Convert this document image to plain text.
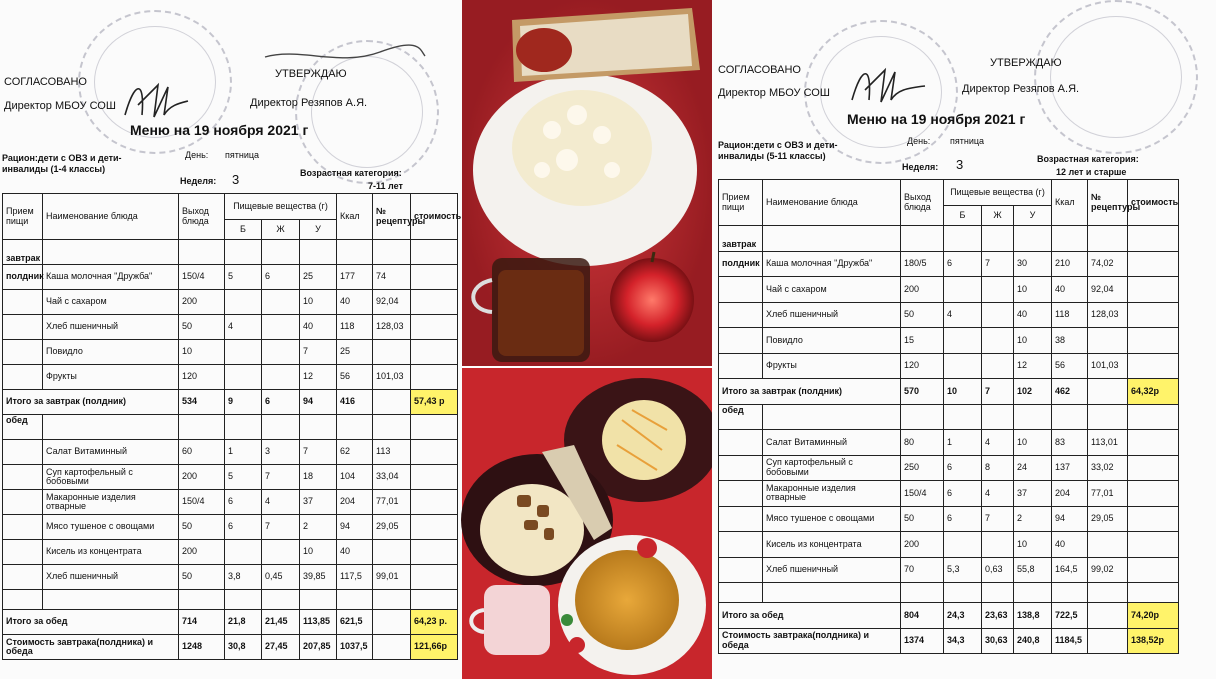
СОГЛАСОВАНО
УТВЕРЖДАЮ
Директор МБОУ СОШ	Директор Резяпов А.Я.
Меню на 19 ноября 2021 г
День: пятница
Рацион:дети с ОВЗ и дети-инвалиды (1-4 классы)
Неделя: 3	Возрастная категория:
7-11 лет
Прием пищи	Наименование блюда	Выход блюда	Пищевые вещества (г)			Ккал	№ рецептуры	стоимость
			Б	Ж	У			
завтрак								
полдник	Каша молочная "Дружба"	150/4	5	6	25	177	74	
	Чай с сахаром	200			10	40	92,04	
	Хлеб пшеничный	50	4		40	118	128,03	
	Повидло	10			7	25		
	Фрукты	120			12	56	101,03	
Итого за завтрак (полдник)		534	9	6	94	416		57,43 р
обед								
	Салат Витаминный	60	1	3	7	62	113	
	Суп картофельный с бобовыми	200	5	7	18	104	33,04	
	Макаронные изделия отварные	150/4	6	4	37	204	77,01	
	Мясо тушеное с овощами	50	6	7	2	94	29,05	
	Кисель из концентрата	200			10	40		
	Хлеб пшеничный	50	3,8	0,45	39,85	117,5	99,01	

Итого за обед		714	21,8	21,45	113,85	621,5		64,23 р.
Стоимость завтрака(полдника) и обеда		1248	30,8	27,45	207,85	1037,5		121,66р
СОГЛАСОВАНО
УТВЕРЖДАЮ
Директор МБОУ СОШ	Директор Резяпов А.Я.
Меню на 19 ноября 2021 г
День: пятница
Рацион:дети с ОВЗ и дети-инвалиды (5-11 классы)
Неделя: 3	Возрастная категория:
12 лет и старше
Прием пищи	Наименование блюда	Выход блюда	Пищевые вещества (г)			Ккал	№ рецептуры	стоимость
			Б	Ж	У			
завтрак								
полдник	Каша молочная "Дружба"	180/5	6	7	30	210	74,02	
	Чай с сахаром	200			10	40	92,04	
	Хлеб пшеничный	50	4		40	118	128,03	
	Повидло	15			10	38		
	Фрукты	120			12	56	101,03	
Итого за завтрак (полдник)		570	10	7	102	462		64,32р
обед								
	Салат Витаминный	80	1	4	10	83	113,01	
	Суп картофельный с бобовыми	250	6	8	24	137	33,02	
	Макаронные изделия отварные	150/4	6	4	37	204	77,01	
	Мясо тушеное с овощами	50	6	7	2	94	29,05	
	Кисель из концентрата	200			10	40		
	Хлеб пшеничный	70	5,3	0,63	55,8	164,5	99,02	

Итого за обед		804	24,3	23,63	138,8	722,5		74,20р
Стоимость завтрака(полдника) и обеда		1374	34,3	30,63	240,8	1184,5		138,52р
